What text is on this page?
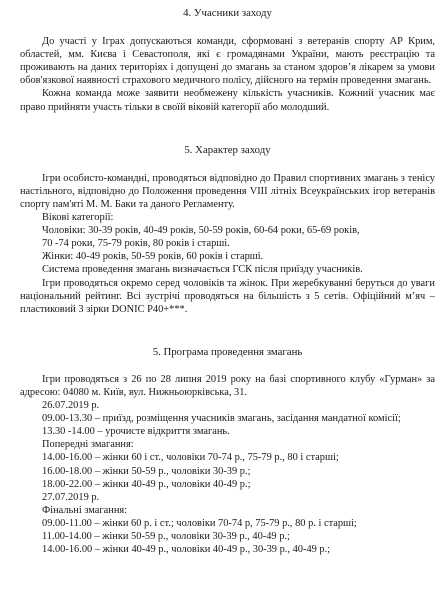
4. Учасники заходу

До участі у Іграх допускаються команди, сформовані з ветеранів спорту АР Крим, областей, мм. Києва і Севастополя, які є громадянами України, мають реєстрацію та проживають на даних територіях і допущені до змагань за станом здоров’я лікарем за умови обов'язкової наявності страхового медичного полісу, дійсного на термін проведення змагань.

Кожна команда може заявити необмежену кількість учасників. Кожний учасник має право прийняти участь тільки в своїй віковій категорії або молодший.

5. Характер заходу

Ігри особисто-командні, проводяться відповідно до Правил спортивних змагань з тенісу настільного, відповідно до Положення проведення VIII літніх Всеукраїнських ігор ветеранів спорту пам'яті М. М. Баки та даного Регламенту.

Вікові категорії:

Чоловіки: 30-39 років, 40-49 років, 50-59 років, 60-64 роки, 65-69 років,

70 -74 роки, 75-79 років, 80 років і старші.

Жінки: 40-49 років, 50-59 років, 60 років і старші.

Система проведення змагань визначається ГСК після приїзду учасників.

Ігри проводяться окремо серед чоловіків та жінок. При жеребкуванні беруться до уваги національний рейтинг. Всі зустрічі проводяться на більшість з 5 сетів. Офіційний м’яч – пластиковий 3 зірки DONIC P40+***.

5. Програма проведення змагань

Ігри проводяться з 26 по 28 липня 2019 року на базі спортивного клубу «Гурман» за адресою: 04080 м. Київ, вул. Нижньоюрківська, 31.

26.07.2019 р.

09.00-13.30 – приїзд, розміщення учасників змагань, засідання мандатної комісії;

13.30 -14.00 – урочисте відкриття змагань.

Попередні змагання:

14.00-16.00 – жінки 60 і ст., чоловіки 70-74 р., 75-79 р., 80 і старші;

16.00-18.00 – жінки 50-59 р., чоловіки 30-39 р.;

18.00-22.00 – жінки 40-49 р., чоловіки 40-49 р.;

27.07.2019 р.

Фінальні змагання:

09.00-11.00 – жінки 60 р. і ст.; чоловіки 70-74 р, 75-79 р., 80 р. і старші;

11.00-14.00 – жінки 50-59 р., чоловіки 30-39 р., 40-49 р.;

14.00-16.00 – жінки 40-49 р., чоловіки 40-49 р., 30-39 р., 40-49 р.;
